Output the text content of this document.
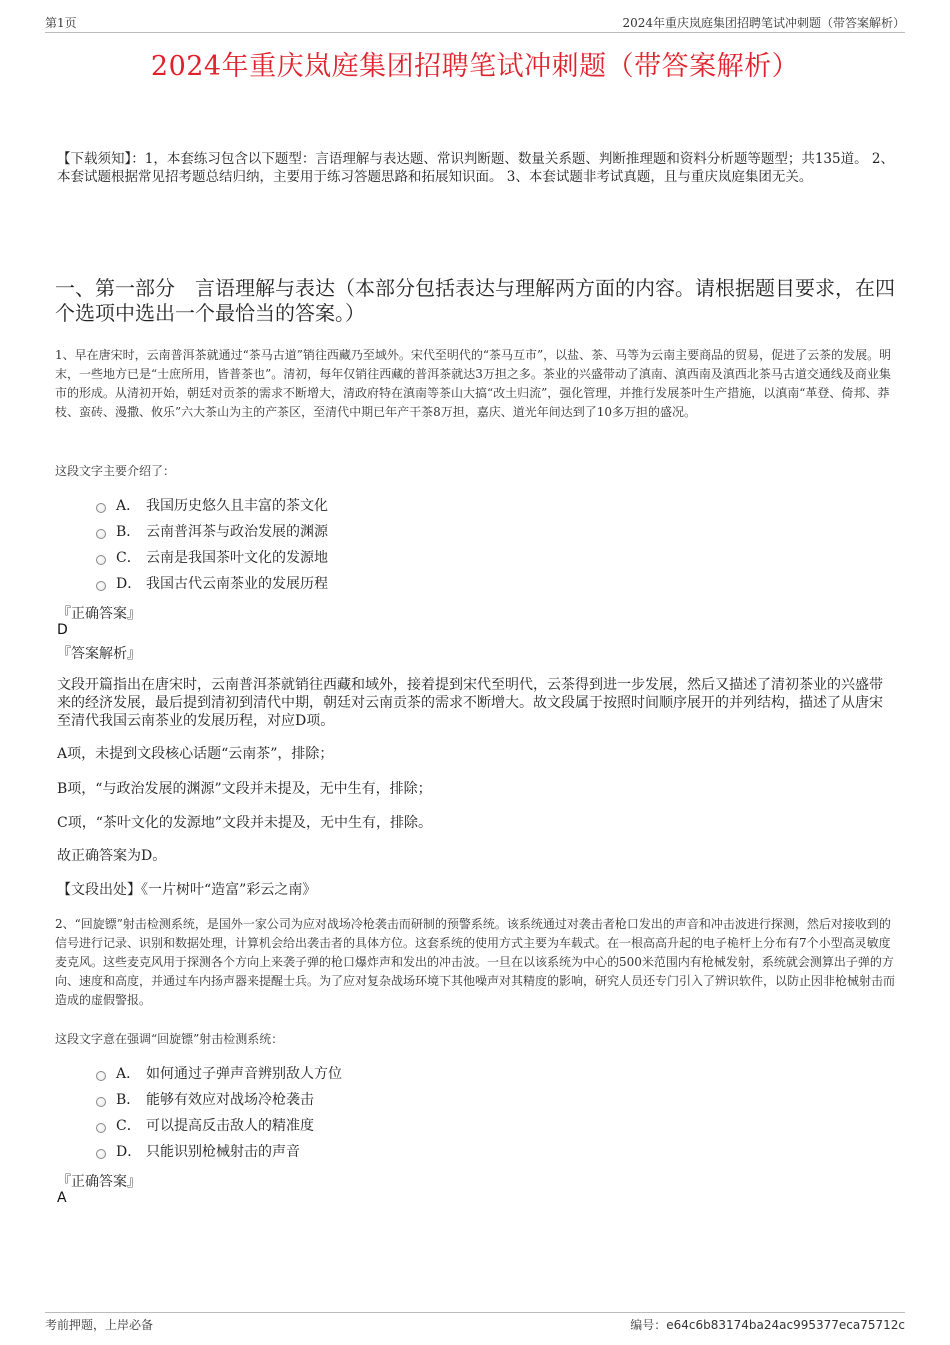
第1页	2024年重庆岚庭集团招聘笔试冲刺题（带答案解析）
2024年重庆岚庭集团招聘笔试冲刺题（带答案解析）
【下载须知】：1，本套练习包含以下题型：言语理解与表达题、常识判断题、数量关系题、判断推理题和资料分析题等题型；共135道。 2、本套试题根据常见招考题总结归纳，主要用于练习答题思路和拓展知识面。 3、本套试题非考试真题，且与重庆岚庭集团无关。
一、第一部分　言语理解与表达（本部分包括表达与理解两方面的内容。请根据题目要求，在四个选项中选出一个最恰当的答案。）
1、早在唐宋时，云南普洱茶就通过“茶马古道”销往西藏乃至域外。宋代至明代的“茶马互市”，以盐、茶、马等为云南主要商品的贸易，促进了云茶的发展。明末，一些地方已是“士庶所用，皆普茶也”。清初，每年仅销往西藏的普洱茶就达3万担之多。茶业的兴盛带动了滇南、滇西南及滇西北茶马古道交通线及商业集市的形成。从清初开始，朝廷对贡茶的需求不断增大，清政府特在滇南等茶山大搞“改土归流”，强化管理，并推行发展茶叶生产措施，以滇南“革登、倚邦、莽枝、蛮砖、漫撒、攸乐”六大茶山为主的产茶区，至清代中期已年产干茶8万担，嘉庆、道光年间达到了10多万担的盛况。
这段文字主要介绍了：
A． 我国历史悠久且丰富的茶文化
B． 云南普洱茶与政治发展的渊源
C． 云南是我国茶叶文化的发源地
D． 我国古代云南茶业的发展历程
『正确答案』
D
『答案解析』
文段开篇指出在唐宋时，云南普洱茶就销往西藏和域外，接着提到宋代至明代，云茶得到进一步发展，然后又描述了清初茶业的兴盛带来的经济发展，最后提到清初到清代中期，朝廷对云南贡茶的需求不断增大。故文段属于按照时间顺序展开的并列结构，描述了从唐宋至清代我国云南茶业的发展历程，对应D项。
A项，未提到文段核心话题“云南茶”，排除；
B项，“与政治发展的渊源”文段并未提及，无中生有，排除；
C项，“茶叶文化的发源地”文段并未提及，无中生有，排除。
故正确答案为D。
【文段出处】《一片树叶“造富”彩云之南》
2、“回旋镖”射击检测系统，是国外一家公司为应对战场冷枪袭击而研制的预警系统。该系统通过对袭击者枪口发出的声音和冲击波进行探测，然后对接收到的信号进行记录、识别和数据处理，计算机会给出袭击者的具体方位。这套系统的使用方式主要为车载式。在一根高高升起的电子桅杆上分布有7个小型高灵敏度麦克风。这些麦克风用于探测各个方向上来袭子弹的枪口爆炸声和发出的冲击波。一旦在以该系统为中心的500米范围内有枪械发射，系统就会测算出子弹的方向、速度和高度，并通过车内扬声器来提醒士兵。为了应对复杂战场环境下其他噪声对其精度的影响，研究人员还专门引入了辨识软件，以防止因非枪械射击而造成的虚假警报。
这段文字意在强调“回旋镖”射击检测系统：
A． 如何通过子弹声音辨别敌人方位
B． 能够有效应对战场冷枪袭击
C． 可以提高反击敌人的精准度
D． 只能识别枪械射击的声音
『正确答案』
A
考前押题，上岸必备	编号：e64c6b83174ba24ac995377eca75712c
